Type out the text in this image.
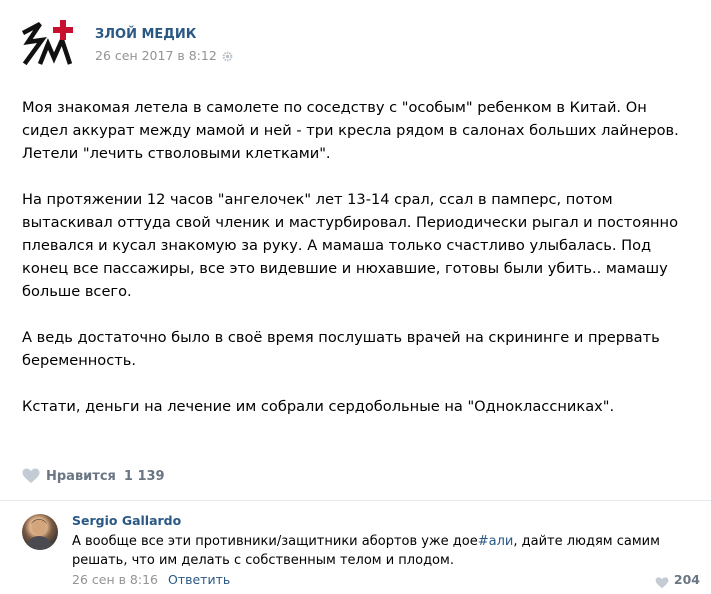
ЗЛОЙ МЕДИК
26 сен 2017 в 8:12

Моя знакомая летела в самолете по соседству с "особым" ребенком в Китай. Он сидел аккурат между мамой и ней - три кресла рядом в салонах больших лайнеров. Летели "лечить стволовыми клетками".

На протяжении 12 часов "ангелочек" лет 13-14 срал, ссал в памперс, потом вытаскивал оттуда свой членик и мастурбировал. Периодически рыгал и постоянно плевался и кусал знакомую за руку. А мамаша только счастливо улыбалась. Под конец все пассажиры, все это видевшие и нюхавшие, готовы были убить.. мамашу больше всего.

А ведь достаточно было в своё время послушать врачей на скрининге и прервать беременность.

Кстати, деньги на лечение им собрали сердобольные на "Одноклассниках".

Нравится 1 139
Sergio Gallardo
А вообще все эти противники/защитники абортов уже дое#али, дайте людям самим решать, что им делать с собственным телом и плодом.
26 сен в 8:16 Ответить	204
